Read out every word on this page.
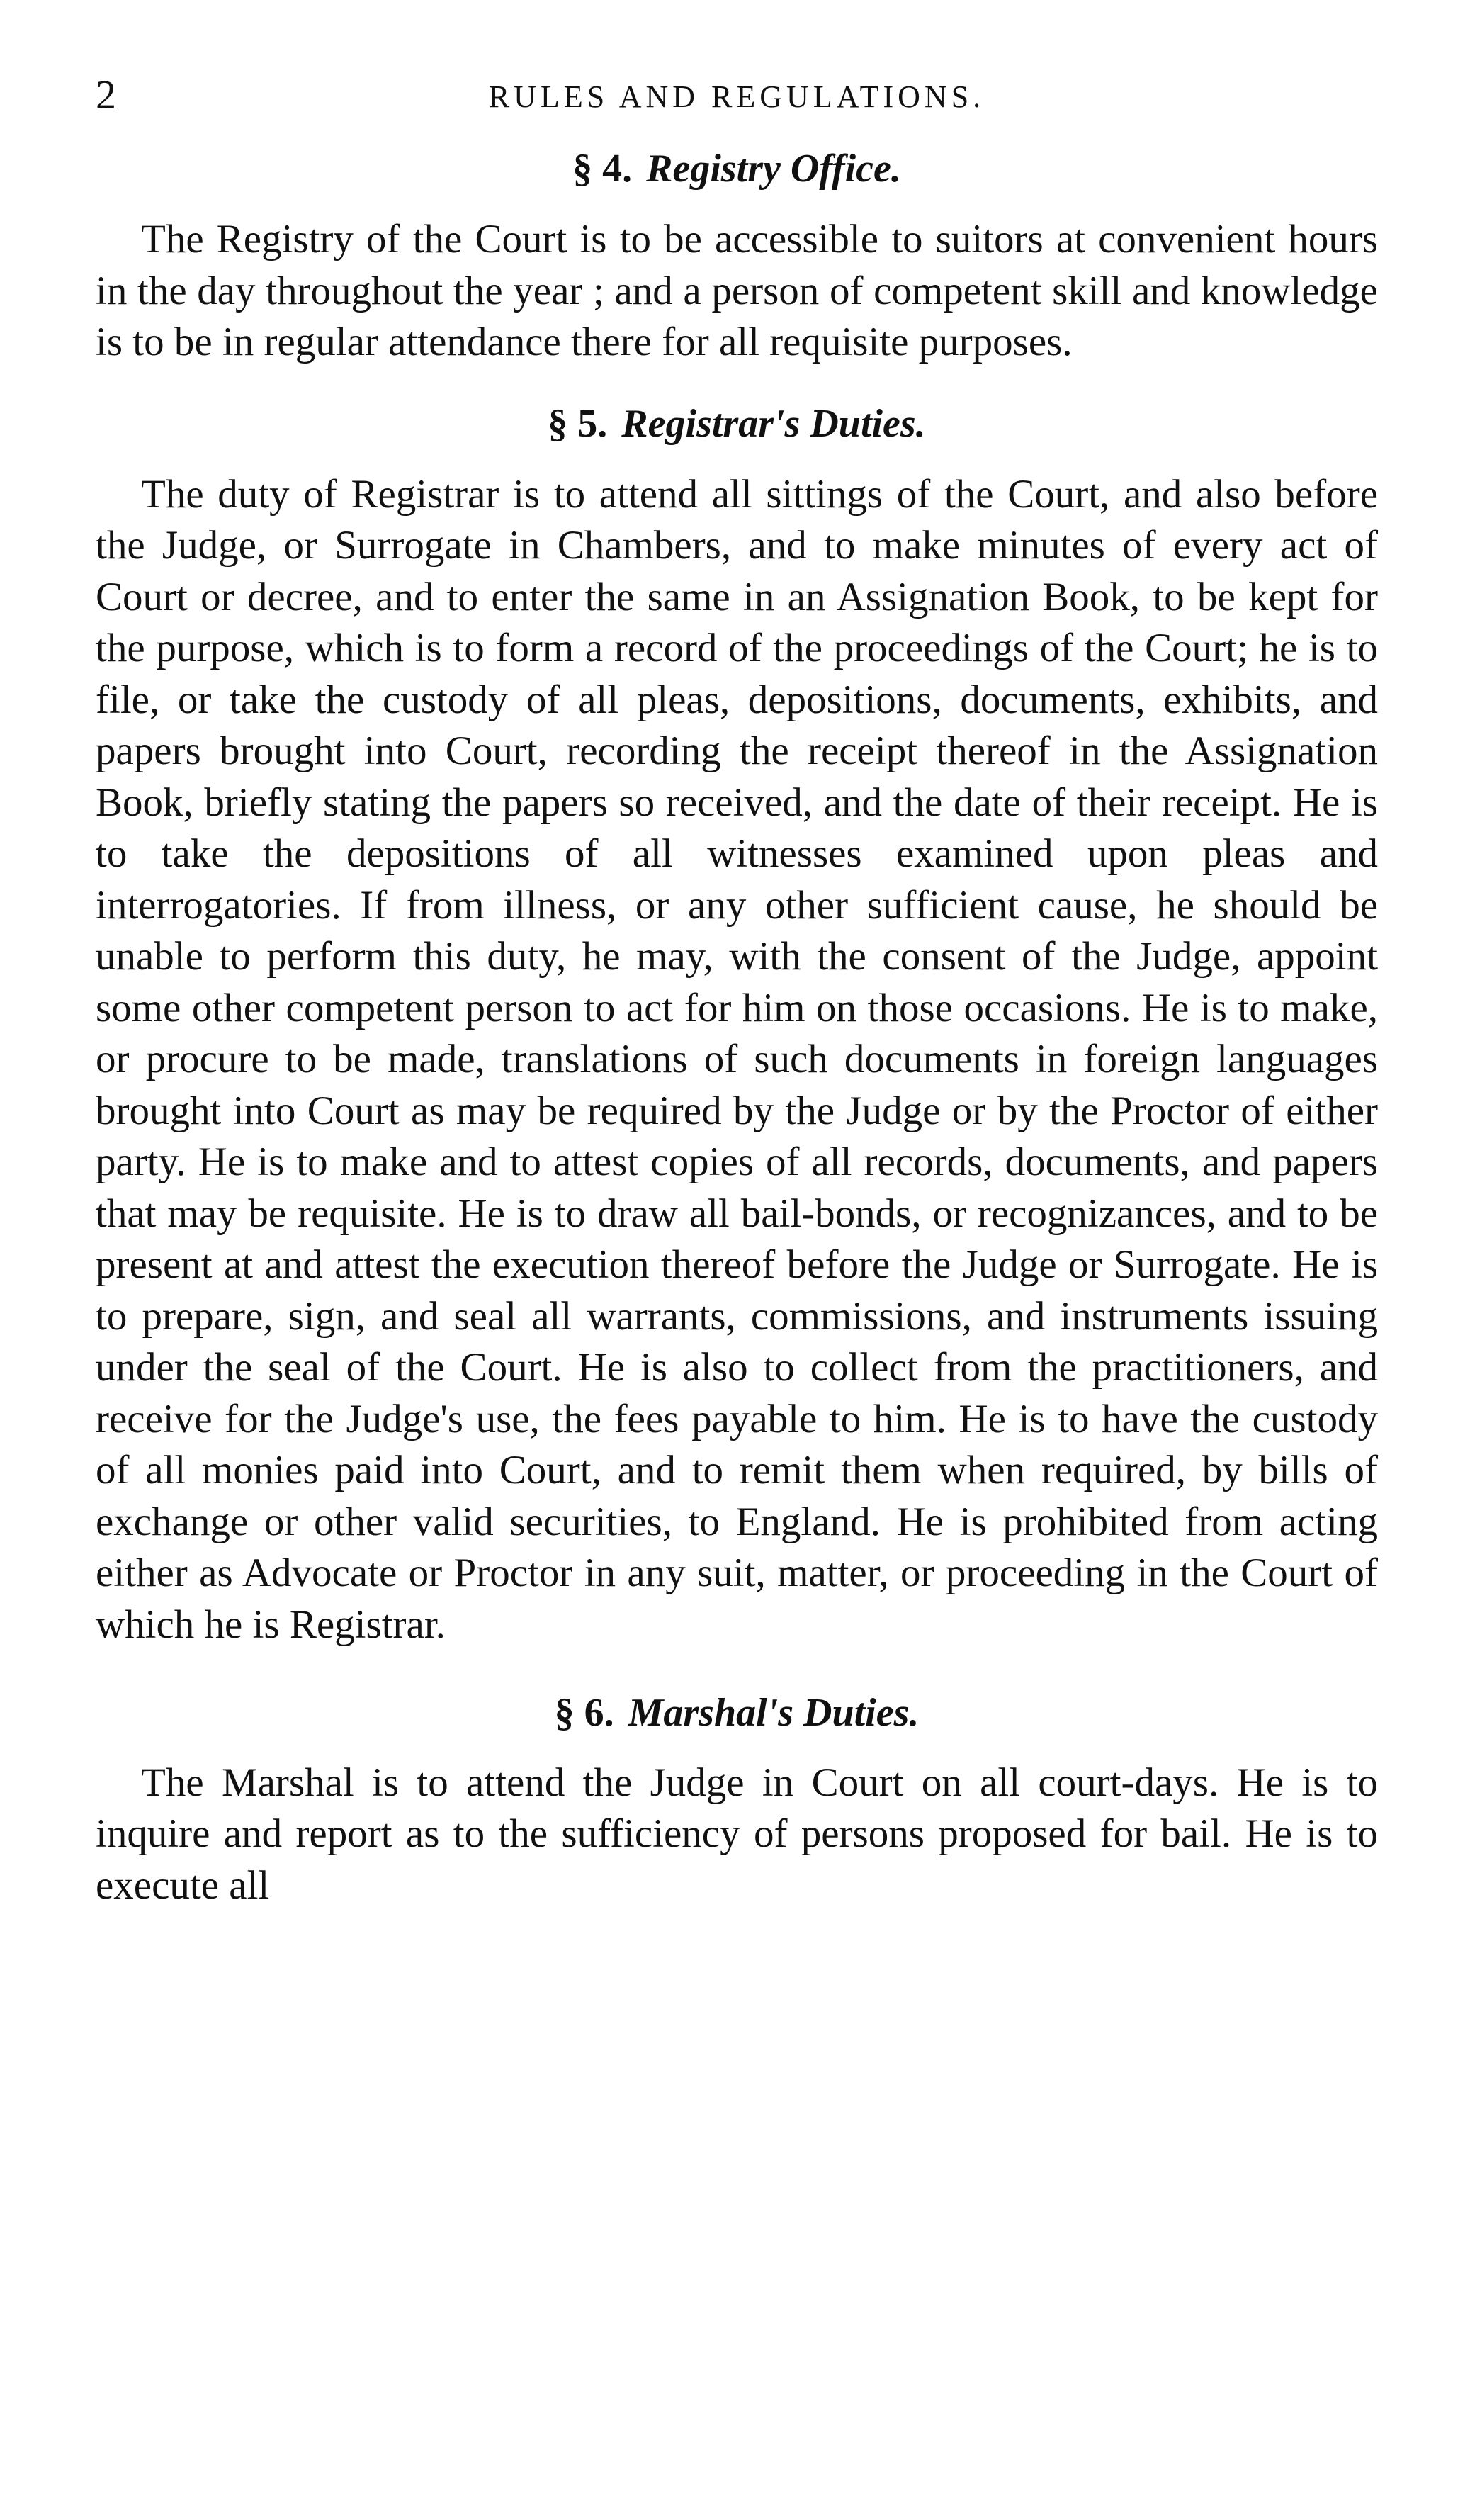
2	RULES AND REGULATIONS.
§ 4. Registry Office.

The Registry of the Court is to be accessible to suitors at convenient hours in the day throughout the year ; and a person of competent skill and knowledge is to be in regular attendance there for all requisite purposes.

§ 5. Registrar's Duties.

The duty of Registrar is to attend all sittings of the Court, and also before the Judge, or Surrogate in Chambers, and to make minutes of every act of Court or decree, and to enter the same in an Assignation Book, to be kept for the purpose, which is to form a record of the proceedings of the Court; he is to file, or take the custody of all pleas, depositions, documents, exhibits, and papers brought into Court, recording the receipt thereof in the Assignation Book, briefly stating the papers so received, and the date of their receipt. He is to take the depositions of all witnesses examined upon pleas and interrogatories. If from illness, or any other sufficient cause, he should be unable to perform this duty, he may, with the consent of the Judge, appoint some other competent person to act for him on those occasions. He is to make, or procure to be made, translations of such documents in foreign languages brought into Court as may be required by the Judge or by the Proctor of either party. He is to make and to attest copies of all records, documents, and papers that may be requisite. He is to draw all bail-bonds, or recognizances, and to be present at and attest the execution thereof before the Judge or Surrogate. He is to prepare, sign, and seal all warrants, commissions, and instruments issuing under the seal of the Court. He is also to collect from the practitioners, and receive for the Judge's use, the fees payable to him. He is to have the custody of all monies paid into Court, and to remit them when required, by bills of exchange or other valid securities, to England. He is prohibited from acting either as Advocate or Proctor in any suit, matter, or proceeding in the Court of which he is Registrar.

§ 6. Marshal's Duties.

The Marshal is to attend the Judge in Court on all court-days. He is to inquire and report as to the sufficiency of persons proposed for bail. He is to execute all
